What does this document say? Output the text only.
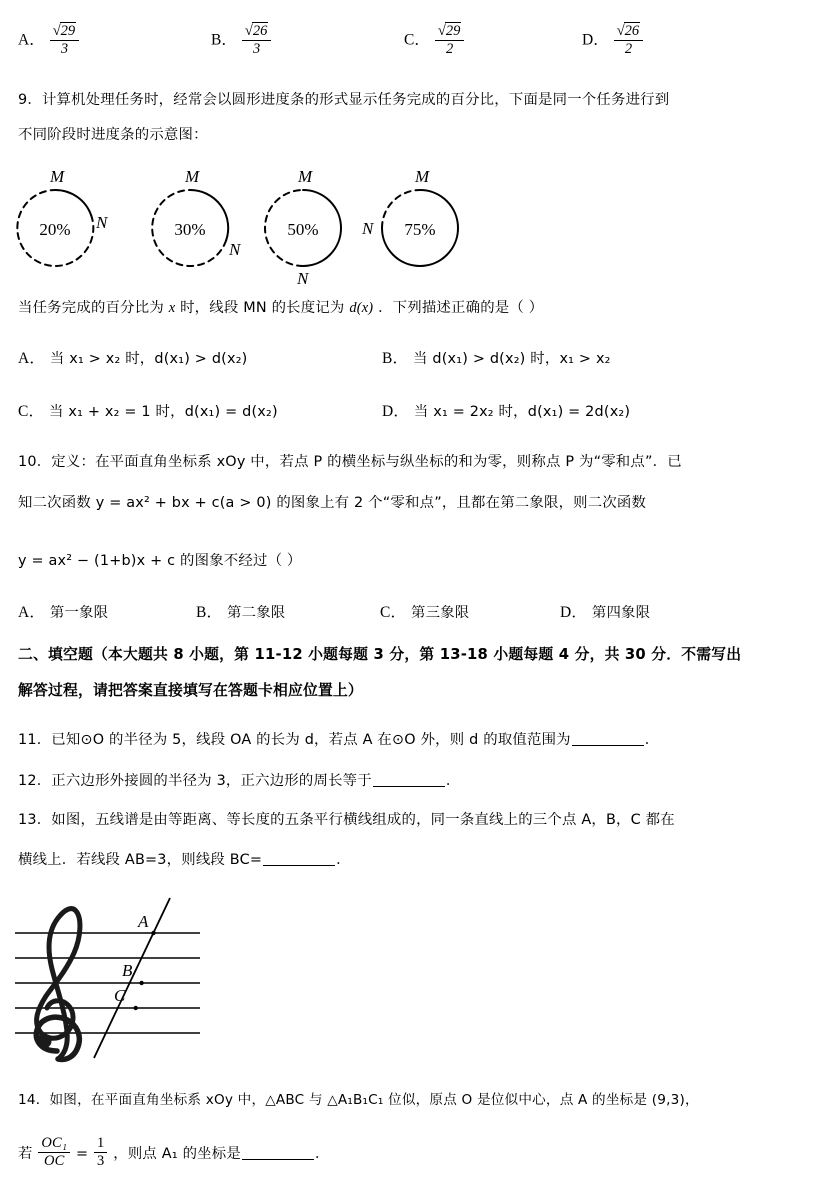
A． $\frac{√29}{3}$	B． $\frac{√26}{3}$	C． $\frac{√29}{2}$	D． $\frac{√26}{2}$
9．计算机处理任务时，经常会以圆形进度条的形式显示任务完成的百分比，下面是同一个任务进行到
不同阶段时进度条的示意图：
M
N
M
N
M
N
M
N
20%	30%	50%	75%
当任务完成的百分比为 x 时，线段 MN 的长度记为 d(x) ．下列描述正确的是（ ）
A． 当 x₁ > x₂ 时，d(x₁) > d(x₂)	B． 当 d(x₁) > d(x₂) 时，x₁ > x₂
C． 当 x₁ + x₂ = 1 时，d(x₁) = d(x₂)	D． 当 x₁ = 2x₂ 时，d(x₁) = 2d(x₂)
10．定义：在平面直角坐标系 xOy 中，若点 P 的横坐标与纵坐标的和为零，则称点 P 为“零和点”．已
知二次函数 y = ax² + bx + c(a > 0) 的图象上有 2 个“零和点”，且都在第二象限，则二次函数
y = ax² − (1+b)x + c 的图象不经过（ ）
A． 第一象限	B． 第二象限	C． 第三象限	D． 第四象限
二、填空题（本大题共 8 小题，第 11-12 小题每题 3 分，第 13-18 小题每题 4 分，共 30 分．不需写出
解答过程，请把答案直接填写在答题卡相应位置上）
11．已知⊙O 的半径为 5，线段 OA 的长为 d，若点 A 在⊙O 外，则 d 的取值范围为	．
12．正六边形外接圆的半径为 3，正六边形的周长等于	．
13．如图，五线谱是由等距离、等长度的五条平行横线组成的，同一条直线上的三个点 A，B，C 都在
横线上．若线段 AB=3，则线段 BC=	．
A
B
C
14．如图，在平面直角坐标系 xOy 中，△ABC 与 △A₁B₁C₁ 位似，原点 O 是位似中心，点 A 的坐标是 (9,3)，
若 $\frac{\text{OC₁}}{OC} = \frac{1}{3}$ ，则点 A₁ 的坐标是	．
